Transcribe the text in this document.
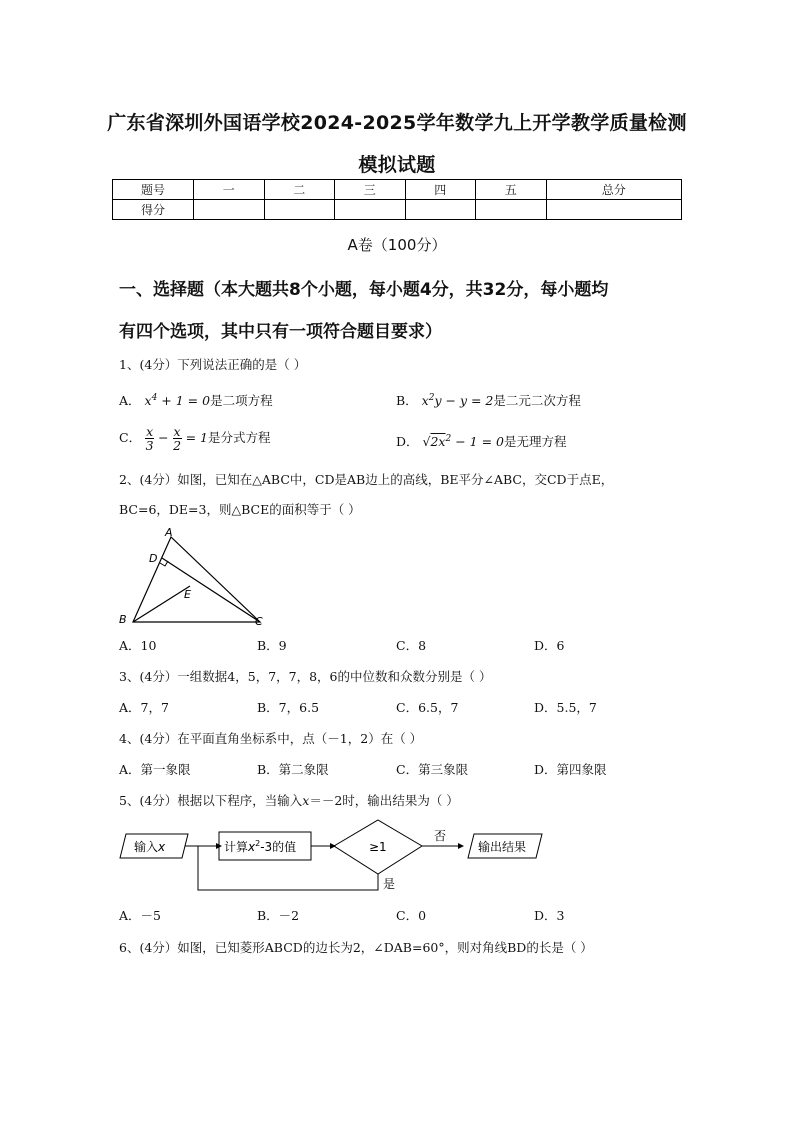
广东省深圳外国语学校2024-2025学年数学九上开学教学质量检测
模拟试题
题号	一	二	三	四	五	总分
得分						
A卷（100分）
一、选择题（本大题共8个小题，每小题4分，共32分，每小题均
有四个选项，其中只有一项符合题目要求）
1、(4分）下列说法正确的是（ ）
A． $x^4 + 1 = 0$是二项方程	B． $x^2y - y = 2$是二元二次方程
C． $\frac{x}{3} - \frac{x}{2} = 1$是分式方程	D． $√2x^2 - 1 = 0$是无理方程
2、(4分）如图，已知在△ABC中，CD是AB边上的高线，BE平分∠ABC，交CD于点E，
BC=6，DE=3，则△BCE的面积等于（ ）
A
B	C
D
E
A．10	B．9	C．8	D．6
3、(4分）一组数据4，5，7，7，8，6的中位数和众数分别是（ ）
A．7，7	B．7，6.5	C．6.5，7	D．5.5，7
4、(4分）在平面直角坐标系中，点（－1，2）在（ ）
A．第一象限	B．第二象限	C．第三象限	D．第四象限
5、(4分）根据以下程序，当输入x＝－2时，输出结果为（ ）
输入x	计算$x^2-3$的值	≥1
否
输出结果
是
A．－5	B．－2	C．0	D．3
6、(4分）如图，已知菱形ABCD的边长为2，∠DAB=60°，则对角线BD的长是（ ）
